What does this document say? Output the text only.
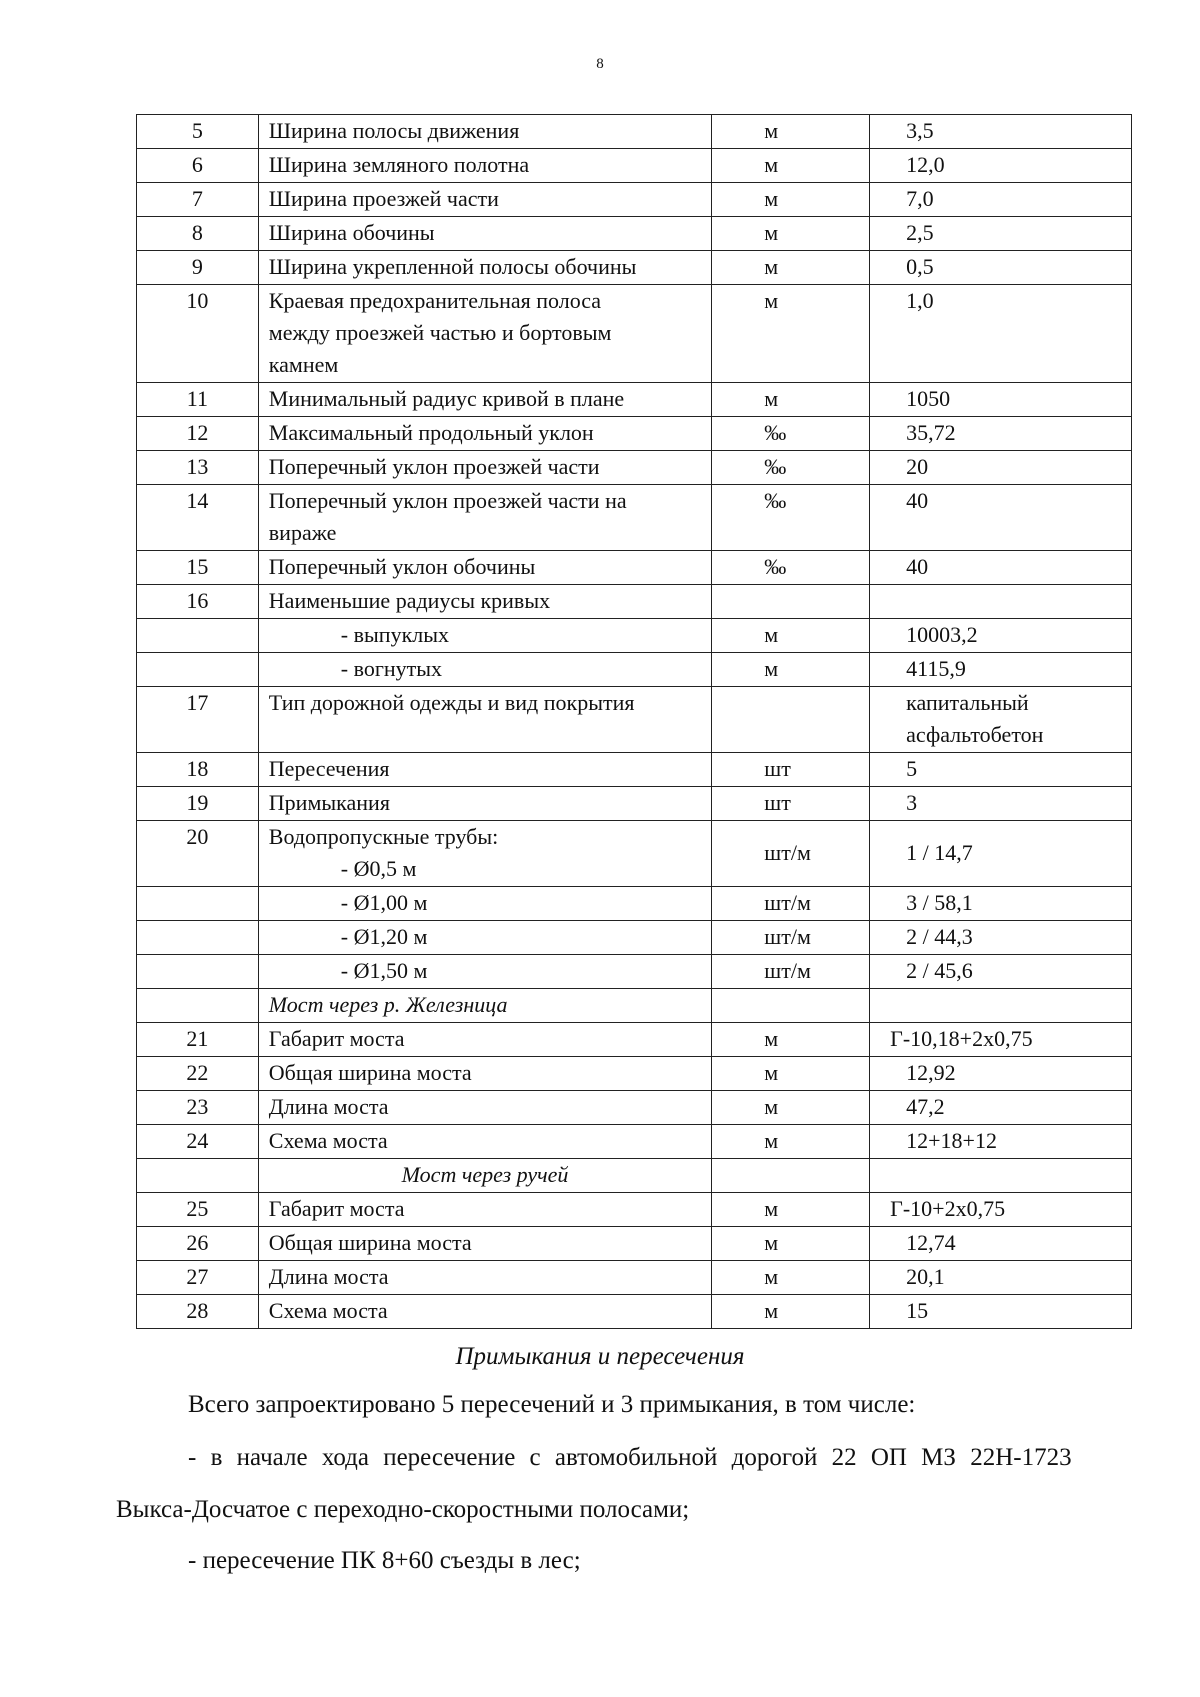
8
5	Ширина полосы движения	м	3,5
6	Ширина земляного полотна	м	12,0
7	Ширина проезжей части	м	7,0
8	Ширина обочины	м	2,5
9	Ширина укрепленной полосы обочины	м	0,5
10	Краевая предохранительная полоса
между проезжей частью и бортовым
камнем	м	1,0
11	Минимальный радиус кривой в плане	м	1050
12	Максимальный продольный уклон	‰	35,72
13	Поперечный уклон проезжей части	‰	20
14	Поперечный уклон проезжей части на
вираже	‰	40
15	Поперечный уклон обочины	‰	40
16	Наименьшие радиусы кривых		
	- выпуклых	м	10003,2
	- вогнутых	м	4115,9
17	Тип дорожной одежды и вид покрытия		капитальный
асфальтобетон

18	Пересечения	шт	5
19	Примыкания	шт	3
20	Водопропускные трубы:
- Ø0,5 м	шт/м	1 / 14,7
	- Ø1,00 м	шт/м	3 / 58,1
	- Ø1,20 м	шт/м	2 / 44,3
	- Ø1,50 м	шт/м	2 / 45,6
	Мост через р. Железница		
21	Габарит моста	м	Г-10,18+2х0,75
22	Общая ширина моста	м	12,92
23	Длина моста	м	47,2
24	Схема моста	м	12+18+12
	Мост через ручей		
25	Габарит моста	м	Г-10+2х0,75
26	Общая ширина моста	м	12,74
27	Длина моста	м	20,1
28	Схема моста	м	15
Примыкания и пересечения
Всего запроектировано 5 пересечений и 3 примыкания, в том числе:
- в начале хода пересечение с автомобильной дорогой 22 ОП МЗ 22Н-1723
Выкса-Досчатое с переходно-скоростными полосами;
- пересечение ПК 8+60 съезды в лес;
